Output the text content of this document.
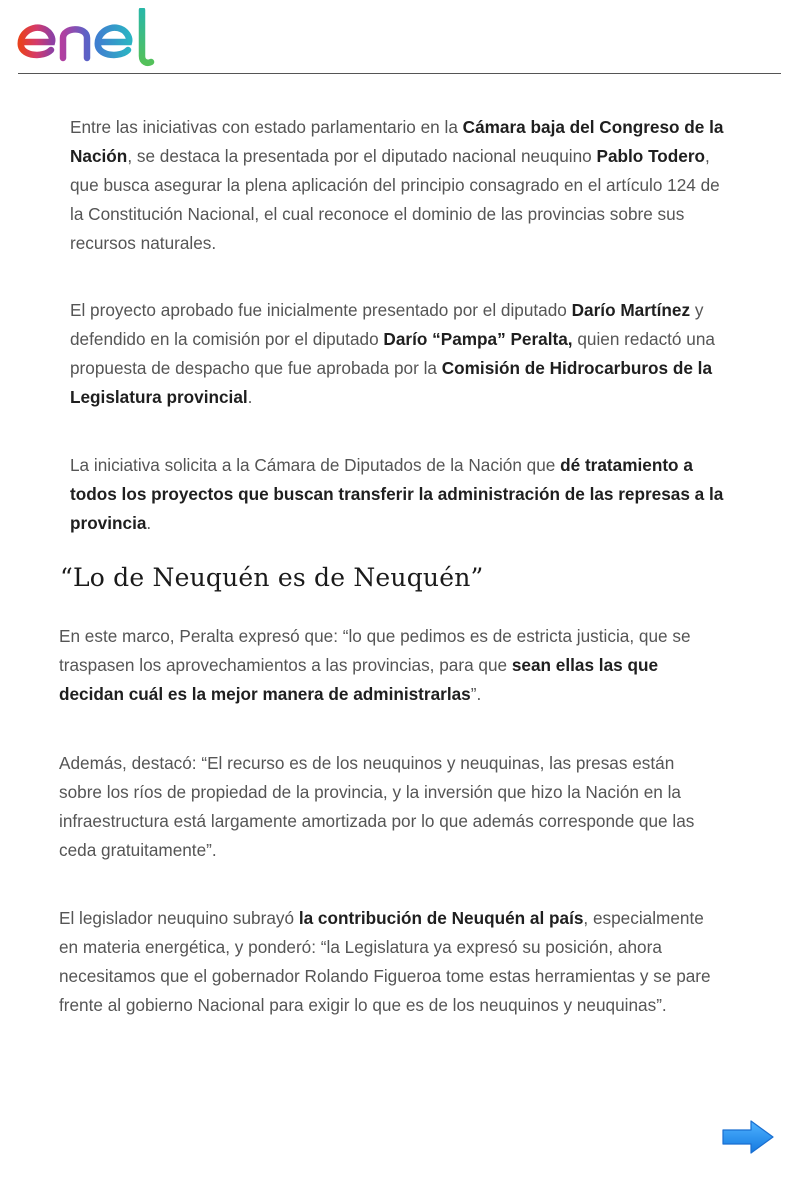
Entre las iniciativas con estado parlamentario en la Cámara baja del Congreso de la Nación, se destaca la presentada por el diputado nacional neuquino Pablo Todero, que busca asegurar la plena aplicación del principio consagrado en el artículo 124 de la Constitución Nacional, el cual reconoce el dominio de las provincias sobre sus recursos naturales.

El proyecto aprobado fue inicialmente presentado por el diputado Darío Martínez y defendido en la comisión por el diputado Darío “Pampa” Peralta, quien redactó una propuesta de despacho que fue aprobada por la Comisión de Hidrocarburos de la Legislatura provincial.

La iniciativa solicita a la Cámara de Diputados de la Nación que dé tratamiento a todos los proyectos que buscan transferir la administración de las represas a la provincia.

“Lo de Neuquén es de Neuquén”

En este marco, Peralta expresó que: “lo que pedimos es de estricta justicia, que se traspasen los aprovechamientos a las provincias, para que sean ellas las que decidan cuál es la mejor manera de administrarlas”.

Además, destacó: “El recurso es de los neuquinos y neuquinas, las presas están sobre los ríos de propiedad de la provincia, y la inversión que hizo la Nación en la infraestructura está largamente amortizada por lo que además corresponde que las ceda gratuitamente”.

El legislador neuquino subrayó la contribución de Neuquén al país, especialmente en materia energética, y ponderó: “la Legislatura ya expresó su posición, ahora necesitamos que el gobernador Rolando Figueroa tome estas herramientas y se pare frente al gobierno Nacional para exigir lo que es de los neuquinos y neuquinas”.
